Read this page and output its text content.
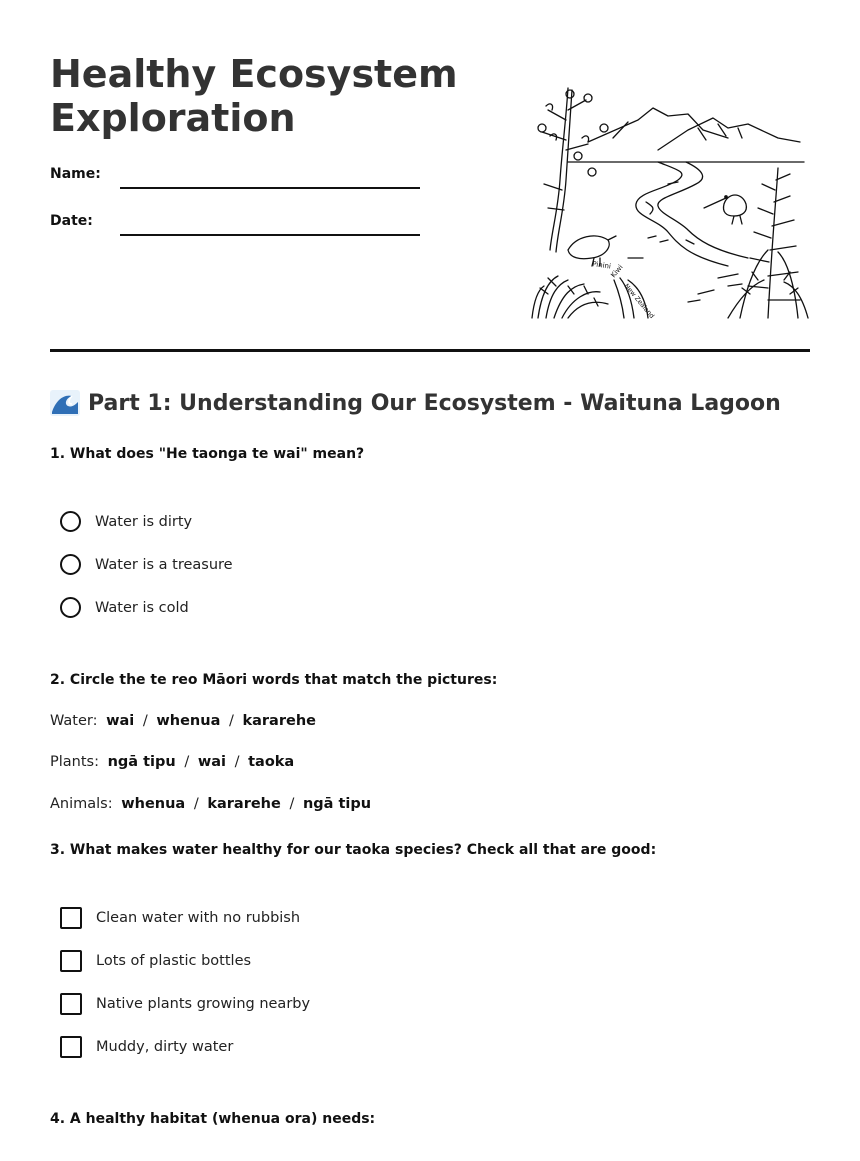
Healthy Ecosystem Exploration
Name:
Date:
Pinini
Kiwi
New Zealand
Part 1: Understanding Our Ecosystem - Waituna Lagoon
1. What does "He taonga te wai" mean?
Water is dirty
Water is a treasure
Water is cold
2. Circle the te reo Māori words that match the pictures:
Water: wai / whenua / kararehe
Plants: ngā tipu / wai / taoka
Animals: whenua / kararehe / ngā tipu
3. What makes water healthy for our taoka species? Check all that are good:
Clean water with no rubbish
Lots of plastic bottles
Native plants growing nearby
Muddy, dirty water
4. A healthy habitat (whenua ora) needs:
